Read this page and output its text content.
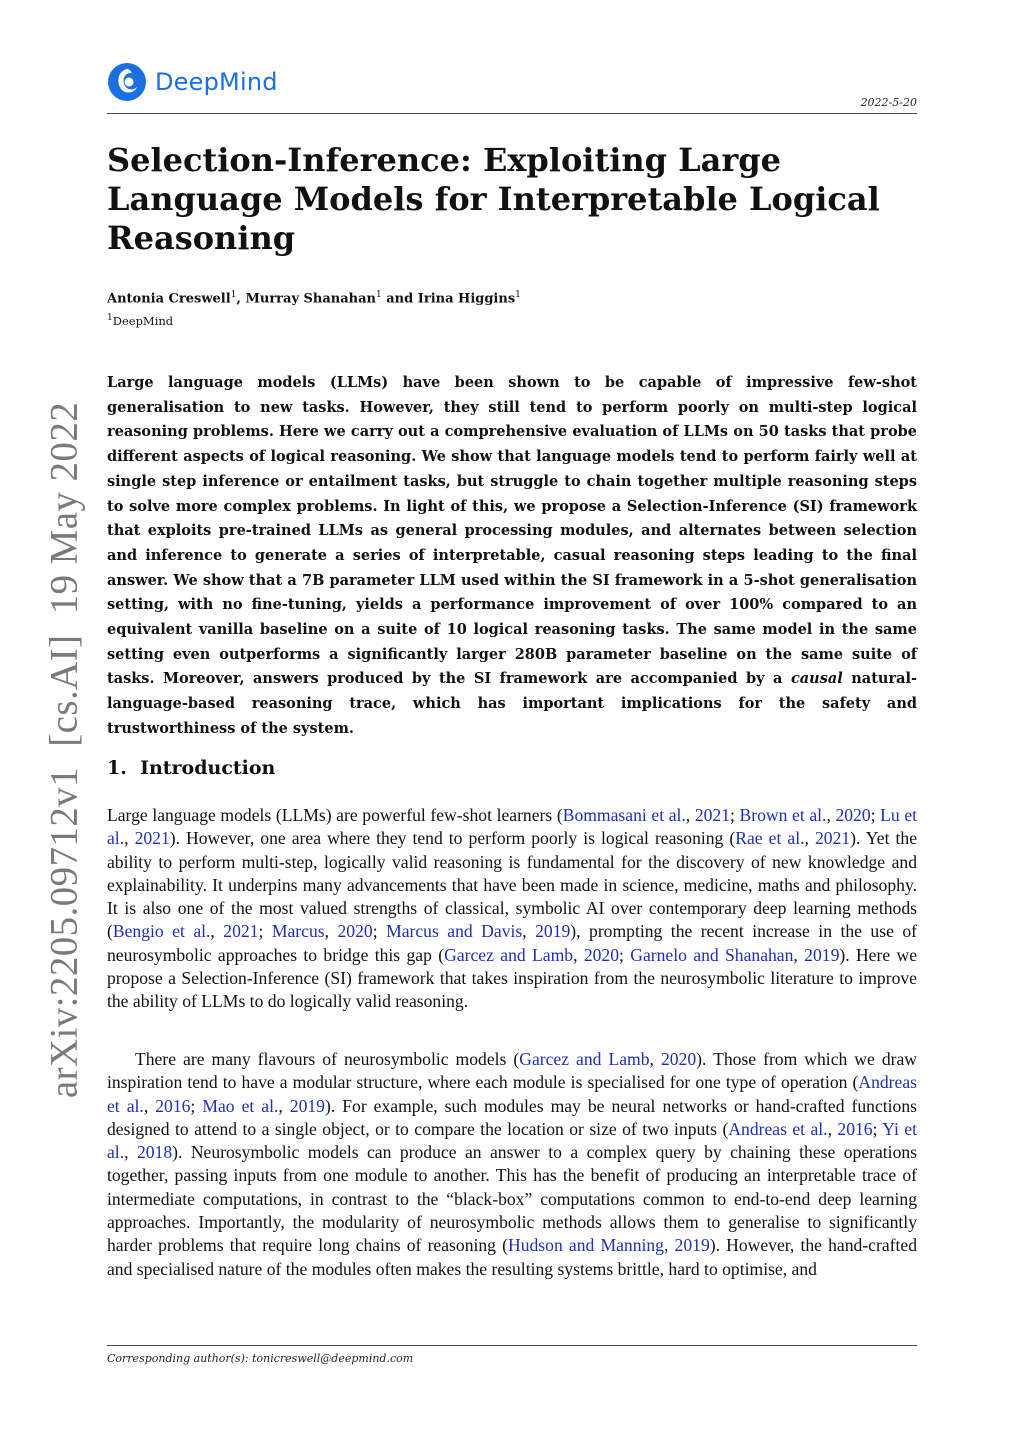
DeepMind
2022-5-20
Selection-Inference: Exploiting Large Language Models for Interpretable Logical Reasoning
Antonia Creswell$^1$, Murray Shanahan$^1$ and Irina Higgins$^1$
$^1$DeepMind
arXiv:2205.09712v1  [cs.AI]  19 May 2022

Large language models (LLMs) have been shown to be capable of impressive few-shot generalisation to new tasks. However, they still tend to perform poorly on multi-step logical reasoning problems. Here we carry out a comprehensive evaluation of LLMs on 50 tasks that probe different aspects of logical reasoning. We show that language models tend to perform fairly well at single step inference or entailment tasks, but struggle to chain together multiple reasoning steps to solve more complex problems. In light of this, we propose a Selection-Inference (SI) framework that exploits pre-trained LLMs as general processing modules, and alternates between selection and inference to generate a series of interpretable, casual reasoning steps leading to the final answer. We show that a 7B parameter LLM used within the SI framework in a 5-shot generalisation setting, with no fine-tuning, yields a performance improvement of over 100% compared to an equivalent vanilla baseline on a suite of 10 logical reasoning tasks. The same model in the same setting even outperforms a significantly larger 280B parameter baseline on the same suite of tasks. Moreover, answers produced by the SI framework are accompanied by a causal natural-language-based reasoning trace, which has important implications for the safety and trustworthiness of the system.

1.  Introduction

Large language models (LLMs) are powerful few-shot learners (Bommasani et al., 2021; Brown et al., 2020; Lu et al., 2021). However, one area where they tend to perform poorly is logical reasoning (Rae et al., 2021). Yet the ability to perform multi-step, logically valid reasoning is fundamental for the discovery of new knowledge and explainability. It underpins many advancements that have been made in science, medicine, maths and philosophy. It is also one of the most valued strengths of classical, symbolic AI over contemporary deep learning methods (Bengio et al., 2021; Marcus, 2020; Marcus and Davis, 2019), prompting the recent increase in the use of neurosymbolic approaches to bridge this gap (Garcez and Lamb, 2020; Garnelo and Shanahan, 2019). Here we propose a Selection-Inference (SI) framework that takes inspiration from the neurosymbolic literature to improve the ability of LLMs to do logically valid reasoning.

There are many flavours of neurosymbolic models (Garcez and Lamb, 2020). Those from which we draw inspiration tend to have a modular structure, where each module is specialised for one type of operation (Andreas et al., 2016; Mao et al., 2019). For example, such modules may be neural networks or hand-crafted functions designed to attend to a single object, or to compare the location or size of two inputs (Andreas et al., 2016; Yi et al., 2018). Neurosymbolic models can produce an answer to a complex query by chaining these operations together, passing inputs from one module to another. This has the benefit of producing an interpretable trace of intermediate computations, in contrast to the “black-box” computations common to end-to-end deep learning approaches. Importantly, the modularity of neurosymbolic methods allows them to generalise to significantly harder problems that require long chains of reasoning (Hudson and Manning, 2019). However, the hand-crafted and specialised nature of the modules often makes the resulting systems brittle, hard to optimise, and

Corresponding author(s): tonicreswell@deepmind.com
